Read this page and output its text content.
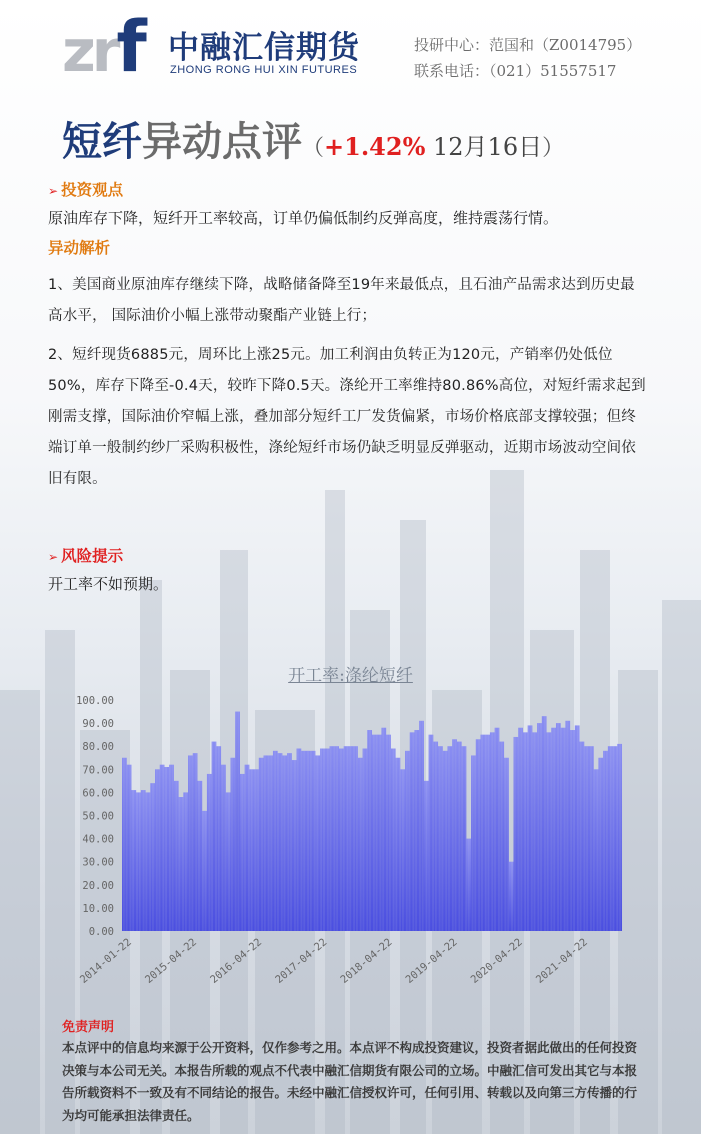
zrf 中融汇信期货
ZHONG RONG HUI XIN FUTURES
投研中心：范国和（Z0014795）
联系电话：（021）51557517
短纤异动点评（+1.42% 12月16日）
➢ 投资观点
原油库存下降，短纤开工率较高，订单仍偏低制约反弹高度，维持震荡行情。
异动解析
1、美国商业原油库存继续下降，战略储备降至19年来最低点，且石油产品需求达到历史最高水平， 国际油价小幅上涨带动聚酯产业链上行；
2、短纤现货6885元，周环比上涨25元。加工利润由负转正为120元，产销率仍处低位50%，库存下降至-0.4天，较昨下降0.5天。涤纶开工率维持80.86%高位，对短纤需求起到刚需支撑，国际油价窄幅上涨，叠加部分短纤工厂发货偏紧，市场价格底部支撑较强；但终端订单一般制约纱厂采购积极性，涤纶短纤市场仍缺乏明显反弹驱动，近期市场波动空间依旧有限。
➢ 风险提示
开工率不如预期。
开工率:涤纶短纤
100.00
90.00
80.00
70.00
60.00
50.00
40.00
30.00
20.00
10.00
0.00
2014-01-22 2015-04-22 2016-04-22 2017-04-22 2018-04-22 2019-04-22 2020-04-22 2021-04-22
免责声明
本点评中的信息均来源于公开资料，仅作参考之用。本点评不构成投资建议，投资者据此做出的任何投资决策与本公司无关。本报告所载的观点不代表中融汇信期货有限公司的立场。中融汇信可发出其它与本报告所载资料不一致及有不同结论的报告。未经中融汇信授权许可，任何引用、转载以及向第三方传播的行为均可能承担法律责任。
